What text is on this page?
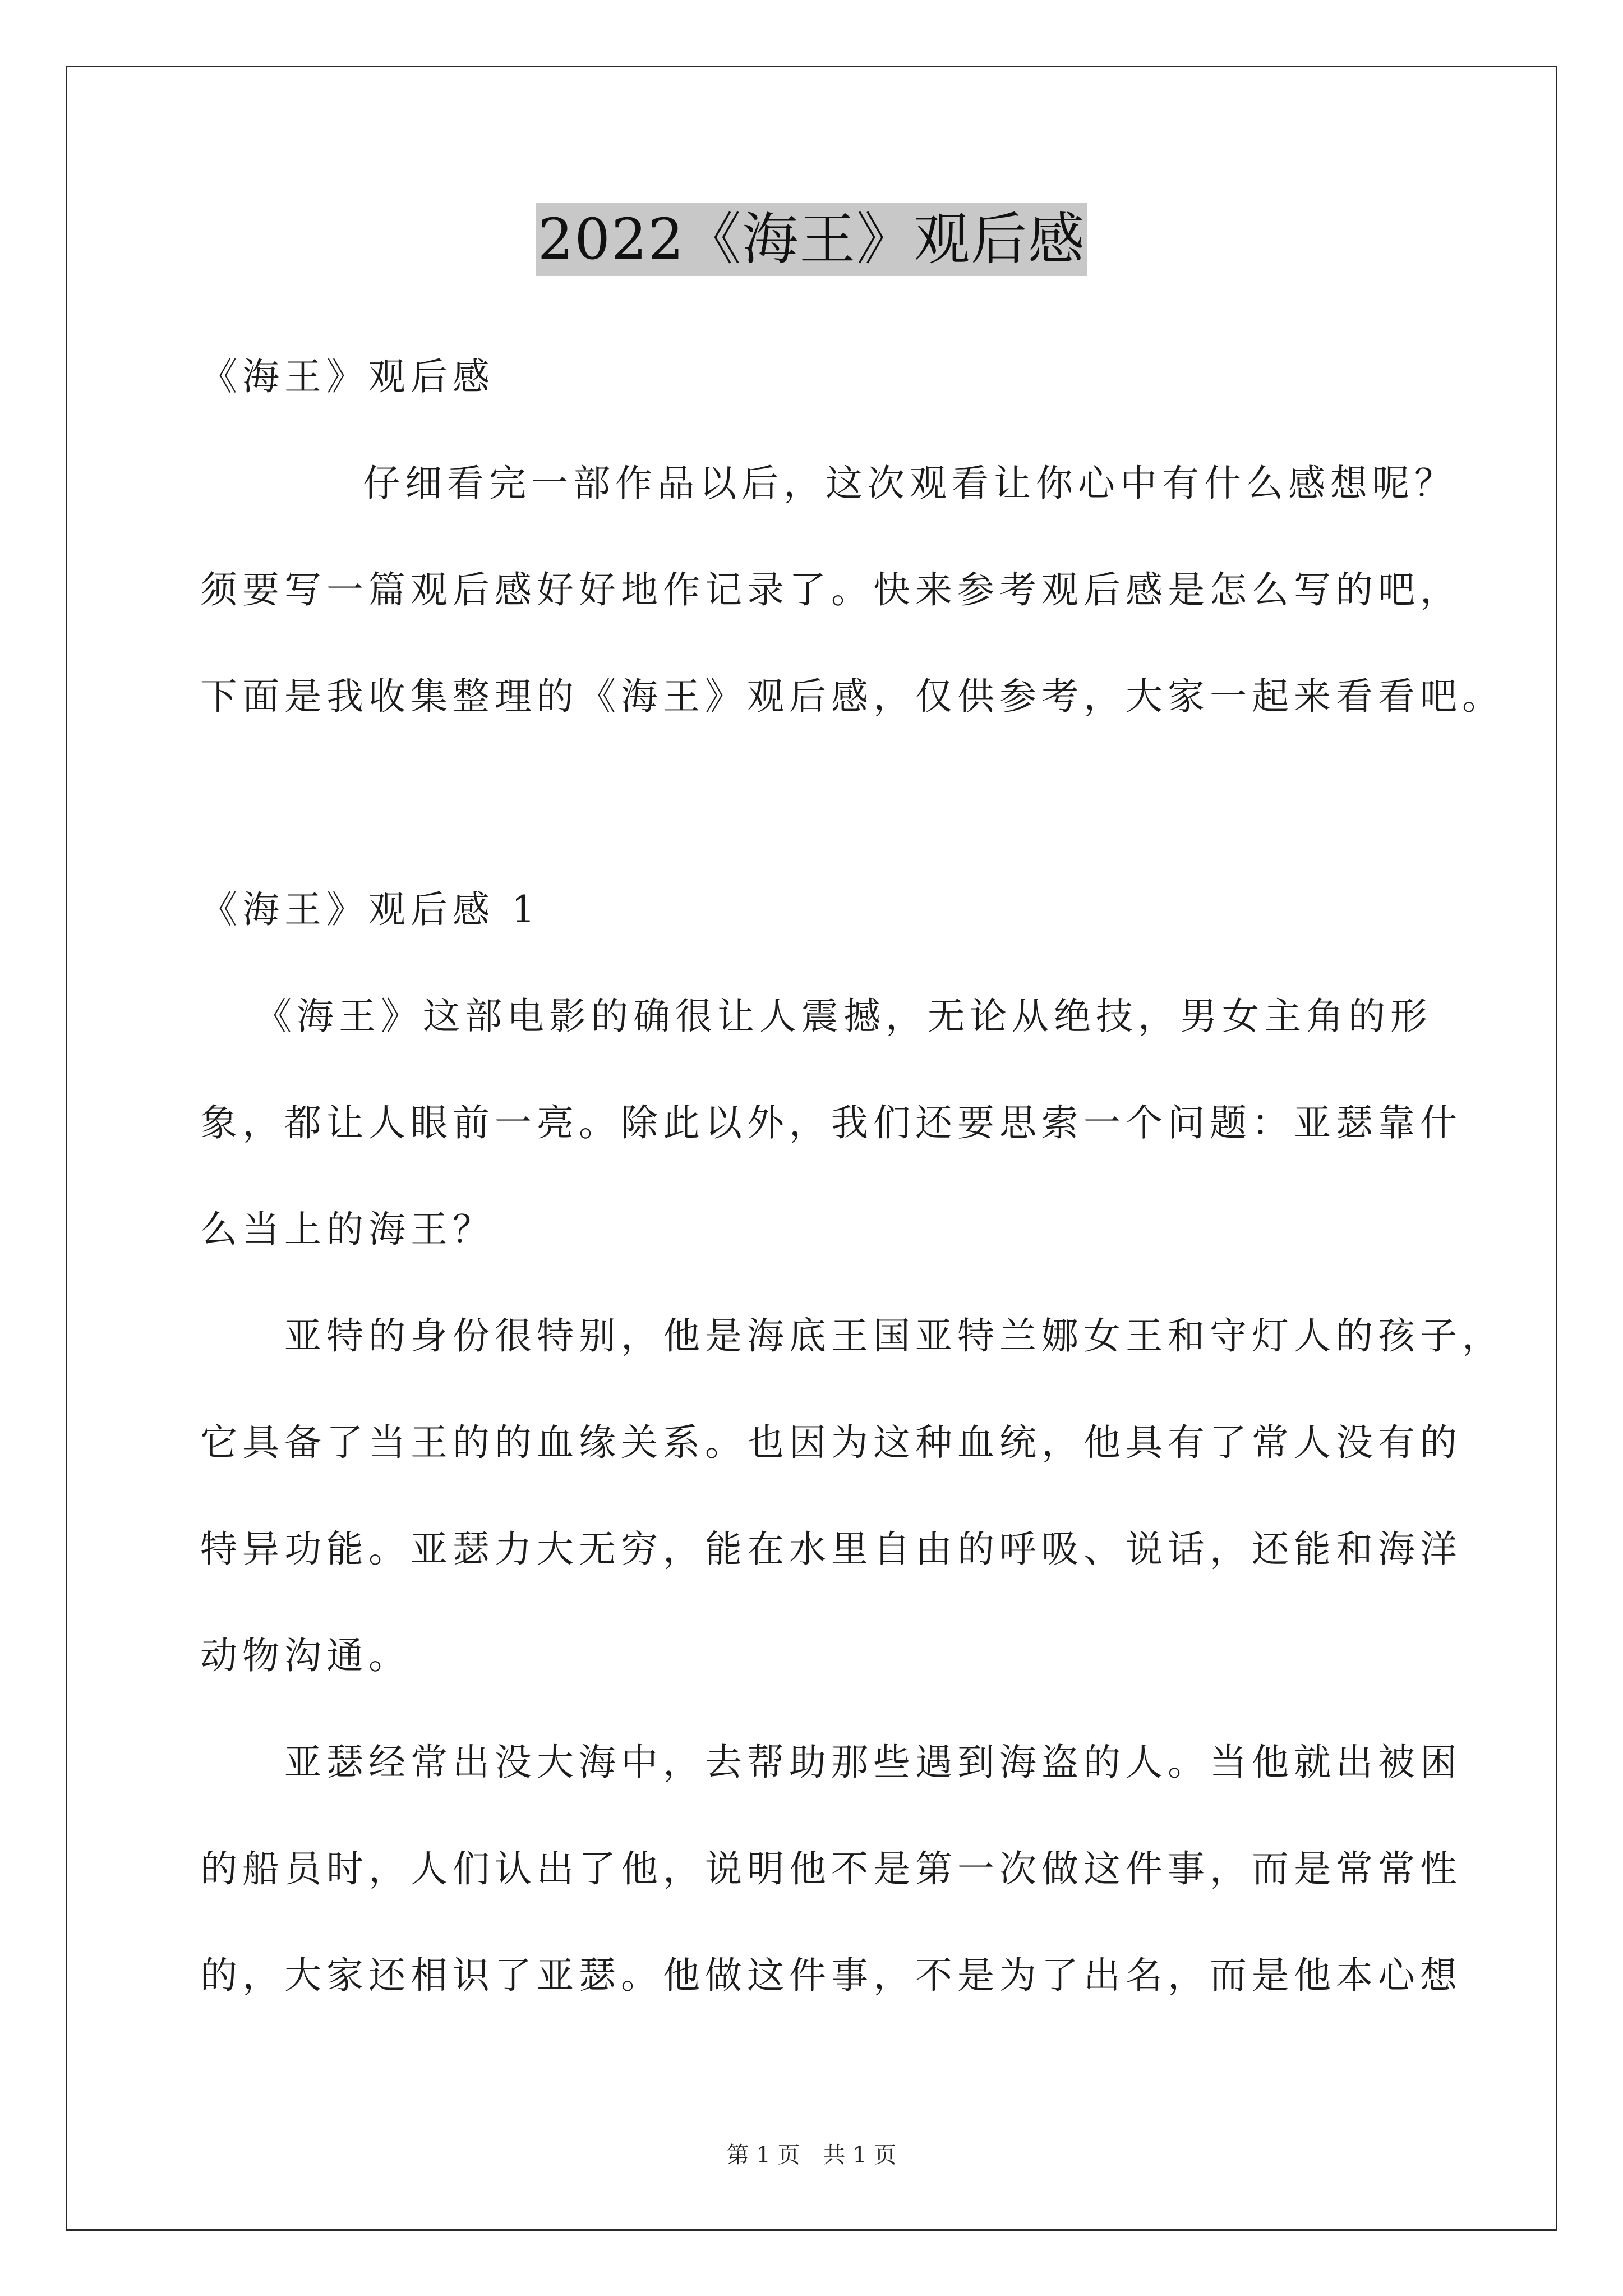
2022《海王》观后感
《海王》观后感
仔细看完一部作品以后，这次观看让你心中有什么感想呢？
须要写一篇观后感好好地作记录了。快来参考观后感是怎么写的吧，
下面是我收集整理的《海王》观后感，仅供参考，大家一起来看看吧。
《海王》观后感 1
《海王》这部电影的确很让人震撼，无论从绝技，男女主角的形
象，都让人眼前一亮。除此以外，我们还要思索一个问题：亚瑟靠什
么当上的海王？
亚特的身份很特别，他是海底王国亚特兰娜女王和守灯人的孩子，
它具备了当王的的血缘关系。也因为这种血统，他具有了常人没有的
特异功能。亚瑟力大无穷，能在水里自由的呼吸、说话，还能和海洋
动物沟通。
亚瑟经常出没大海中，去帮助那些遇到海盗的人。当他就出被困
的船员时，人们认出了他，说明他不是第一次做这件事，而是常常性
的，大家还相识了亚瑟。他做这件事，不是为了出名，而是他本心想
第 1 页 共 1 页
